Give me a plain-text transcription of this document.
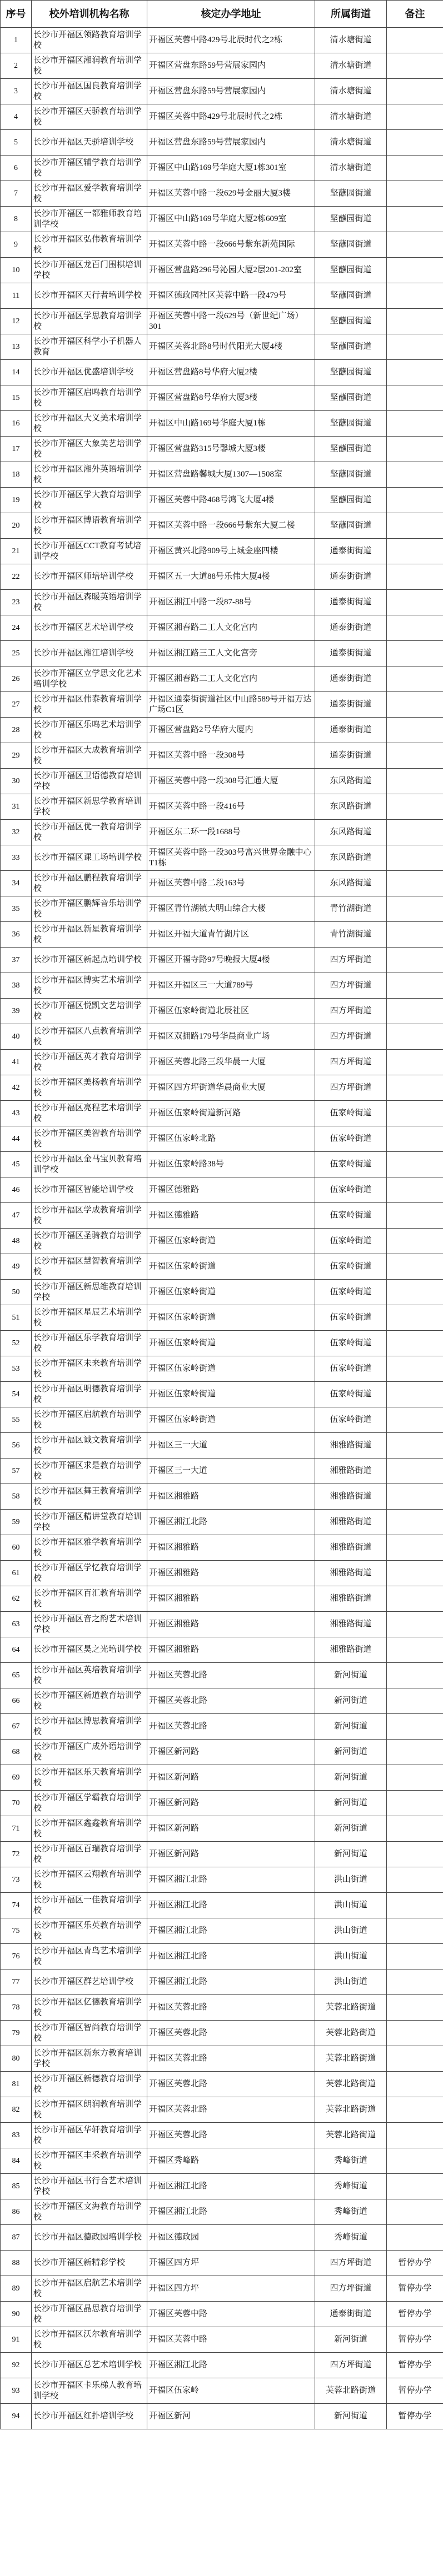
序号	校外培训机构名称	核定办学地址	所属街道	备注
1	长沙市开福区领路教育培训学校	开福区芙蓉中路429号北辰时代之2栋	清水塘街道	
2	长沙市开福区湘润教育培训学校	开福区营盘东路59号营展家园内	清水塘街道	
3	长沙市开福区国良教育培训学校	开福区营盘东路59号营展家园内	清水塘街道	
4	长沙市开福区天骄教育培训学校	开福区芙蓉中路429号北辰时代之2栋	清水塘街道	
5	长沙市开福区天骄培训学校	开福区营盘东路59号营展家园内	清水塘街道	
6	长沙市开福区辅学教育培训学校	开福区中山路169号华庭大厦1栋301室	清水塘街道	
7	长沙市开福区爱学教育培训学校	开福区芙蓉中路一段629号金丽大厦3楼	坚蘸园街道	
8	长沙市开福区一都雅师教育培训学校	开福区中山路169号华庭大厦2栋609室	坚蘸园街道	
9	长沙市开福区弘伟教育培训学校	开福区芙蓉中路一段666号紫东新苑国际	坚蘸园街道	
10	长沙市开福区龙百门围棋培训学校	开福区营盘路296号沁园大厦2层201-202室	坚蘸园街道	
11	长沙市开福区天行者培训学校	开福区德政园社区芙蓉中路一段479号	坚蘸园街道	
12	长沙市开福区学思教育培训学校	开福区芙蓉中路一段629号（新世纪广场）301	坚蘸园街道	
13	长沙市开福区科学小子机器人教育	开福区芙蓉北路8号时代阳光大厦4楼	坚蘸园街道	
14	长沙市开福区优盛培训学校	开福区营盘路8号华府大厦2楼	坚蘸园街道	
15	长沙市开福区启鸣教育培训学校	开福区营盘路8号华府大厦3楼	坚蘸园街道	
16	长沙市开福区大义美术培训学校	开福区中山路169号华庭大厦1栋	坚蘸园街道	
17	长沙市开福区大象美艺培训学校	开福区营盘路315号馨城大厦3楼	坚蘸园街道	
18	长沙市开福区湘外英语培训学校	开福区营盘路馨城大厦1307—1508室	坚蘸园街道	
19	长沙市开福区学大教育培训学校	开福区芙蓉中路468号鸿飞大厦4楼	坚蘸园街道	
20	长沙市开福区博语教育培训学校	开福区芙蓉中路一段666号紫东大厦二楼	坚蘸园街道	
21	长沙市开福区CCT教育考试培训学校	开福区黄兴北路909号上城金座四楼	通泰街街道	
22	长沙市开福区师培培训学校	开福区五一大道88号乐伟大厦4楼	通泰街街道	
23	长沙市开福区森暖英语培训学校	开福区湘江中路一段87-88号	通泰街街道	
24	长沙市开福区艺术培训学校	开福区湘春路二工人文化宫内	通泰街街道	
25	长沙市开福区湘江培训学校	开福区湘江路三工人文化宫旁	通泰街街道	
26	长沙市开福区立学思文化艺术培训学校	开福区湘春路二工人文化宫内	通泰街街道	
27	长沙市开福区伟泰教育培训学校	开福区通泰街街道社区中山路589号开福万达广场C1区	通泰街街道	
28	长沙市开福区乐鸣艺术培训学校	开福区营盘路2号华府大厦内	通泰街街道	
29	长沙市开福区大成教育培训学校	开福区芙蓉中路一段308号	通泰街街道	
30	长沙市开福区卫语德教育培训学校	开福区芙蓉中路一段308号汇通大厦	东风路街道	
31	长沙市开福区新思学教育培训学校	开福区芙蓉中路一段416号	东风路街道	
32	长沙市开福区优一教育培训学校	开福区东二环一段1688号	东风路街道	
33	长沙市开福区课工场培训学校	开福区芙蓉中路一段303号富兴世界金融中心T1栋	东风路街道	
34	长沙市开福区鹏程教育培训学校	开福区芙蓉中路二段163号	东风路街道	
35	长沙市开福区鹏辉音乐培训学校	开福区青竹湖镇大明山综合大楼	青竹湖街道	
36	长沙市开福区新星教育培训学校	开福区开福大道青竹湖片区	青竹湖街道	
37	长沙市开福区新起点培训学校	开福区开福寺路97号晚报大厦4楼	四方坪街道	
38	长沙市开福区博实艺术培训学校	开福区开福区三一大道789号	四方坪街道	
39	长沙市开福区悦凯文艺培训学校	开福区伍家岭街道北辰社区	四方坪街道	
40	长沙市开福区八点教育培训学校	开福区双拥路179号华晨商业广场	四方坪街道	
41	长沙市开福区英才教育培训学校	开福区芙蓉北路三段华晨一大厦	四方坪街道	
42	长沙市开福区美杨教育培训学校	开福区四方坪街道华晨商业大厦	四方坪街道	
43	长沙市开福区亮程艺术培训学校	开福区伍家岭街道新河路	伍家岭街道	
44	长沙市开福区美智教育培训学校	开福区伍家岭北路	伍家岭街道	
45	长沙市开福区金马宝贝教育培训学校	开福区伍家岭路38号	伍家岭街道	
46	长沙市开福区智能培训学校	开福区德雅路	伍家岭街道	
47	长沙市开福区学成教育培训学校	开福区德雅路	伍家岭街道	
48	长沙市开福区圣骑教育培训学校	开福区伍家岭街道	伍家岭街道	
49	长沙市开福区慧智教育培训学校	开福区伍家岭街道	伍家岭街道	
50	长沙市开福区新思维教育培训学校	开福区伍家岭街道	伍家岭街道	
51	长沙市开福区星辰艺术培训学校	开福区伍家岭街道	伍家岭街道	
52	长沙市开福区乐学教育培训学校	开福区伍家岭街道	伍家岭街道	
53	长沙市开福区未来教育培训学校	开福区伍家岭街道	伍家岭街道	
54	长沙市开福区明德教育培训学校	开福区伍家岭街道	伍家岭街道	
55	长沙市开福区启航教育培训学校	开福区伍家岭街道	伍家岭街道	
56	长沙市开福区诚文教育培训学校	开福区三一大道	湘雅路街道	
57	长沙市开福区求是教育培训学校	开福区三一大道	湘雅路街道	
58	长沙市开福区舞王教育培训学校	开福区湘雅路	湘雅路街道	
59	长沙市开福区精讲堂教育培训学校	开福区湘江北路	湘雅路街道	
60	长沙市开福区雅学教育培训学校	开福区湘雅路	湘雅路街道	
61	长沙市开福区学忆教育培训学校	开福区湘雅路	湘雅路街道	
62	长沙市开福区百汇教育培训学校	开福区湘雅路	湘雅路街道	
63	长沙市开福区音之韵艺术培训学校	开福区湘雅路	湘雅路街道	
64	长沙市开福区昊之光培训学校	开福区湘雅路	湘雅路街道	
65	长沙市开福区英培教育培训学校	开福区芙蓉北路	新河街道	
66	长沙市开福区新道教育培训学校	开福区芙蓉北路	新河街道	
67	长沙市开福区博思教育培训学校	开福区芙蓉北路	新河街道	
68	长沙市开福区广成外语培训学校	开福区新河路	新河街道	
69	长沙市开福区乐天教育培训学校	开福区新河路	新河街道	
70	长沙市开福区学霸教育培训学校	开福区新河路	新河街道	
71	长沙市开福区鑫鑫教育培训学校	开福区新河路	新河街道	
72	长沙市开福区百瑞教育培训学校	开福区新河路	新河街道	
73	长沙市开福区云翔教育培训学校	开福区湘江北路	洪山街道	
74	长沙市开福区一佳教育培训学校	开福区湘江北路	洪山街道	
75	长沙市开福区乐英教育培训学校	开福区湘江北路	洪山街道	
76	长沙市开福区青鸟艺术培训学校	开福区湘江北路	洪山街道	
77	长沙市开福区群艺培训学校	开福区湘江北路	洪山街道	
78	长沙市开福区亿德教育培训学校	开福区芙蓉北路	芙蓉北路街道	
79	长沙市开福区智尚教育培训学校	开福区芙蓉北路	芙蓉北路街道	
80	长沙市开福区新东方教育培训学校	开福区芙蓉北路	芙蓉北路街道	
81	长沙市开福区新德教育培训学校	开福区芙蓉北路	芙蓉北路街道	
82	长沙市开福区朗润教育培训学校	开福区芙蓉北路	芙蓉北路街道	
83	长沙市开福区华轩教育培训学校	开福区芙蓉北路	芙蓉北路街道	
84	长沙市开福区丰采教育培训学校	开福区秀峰路	秀峰街道	
85	长沙市开福区书行合艺术培训学校	开福区湘江北路	秀峰街道	
86	长沙市开福区文海教育培训学校	开福区湘江北路	秀峰街道	
87	长沙市开福区德政园培训学校	开福区德政园	秀峰街道	
88	长沙市开福区新精彩学校	开福区四方坪	四方坪街道	暂停办学
89	长沙市开福区启航艺术培训学校	开福区四方坪	四方坪街道	暂停办学
90	长沙市开福区晶思教育培训学校	开福区芙蓉中路	通泰街街道	暂停办学
91	长沙市开福区沃尔教育培训学校	开福区芙蓉中路	新河街道	暂停办学
92	长沙市开福区总艺术培训学校	开福区湘江北路	四方坪街道	暂停办学
93	长沙市开福区卡乐梯人教育培训学校	开福区伍家岭	芙蓉北路街道	暂停办学
94	长沙市开福区红扑培训学校	开福区新河	新河街道	暂停办学
